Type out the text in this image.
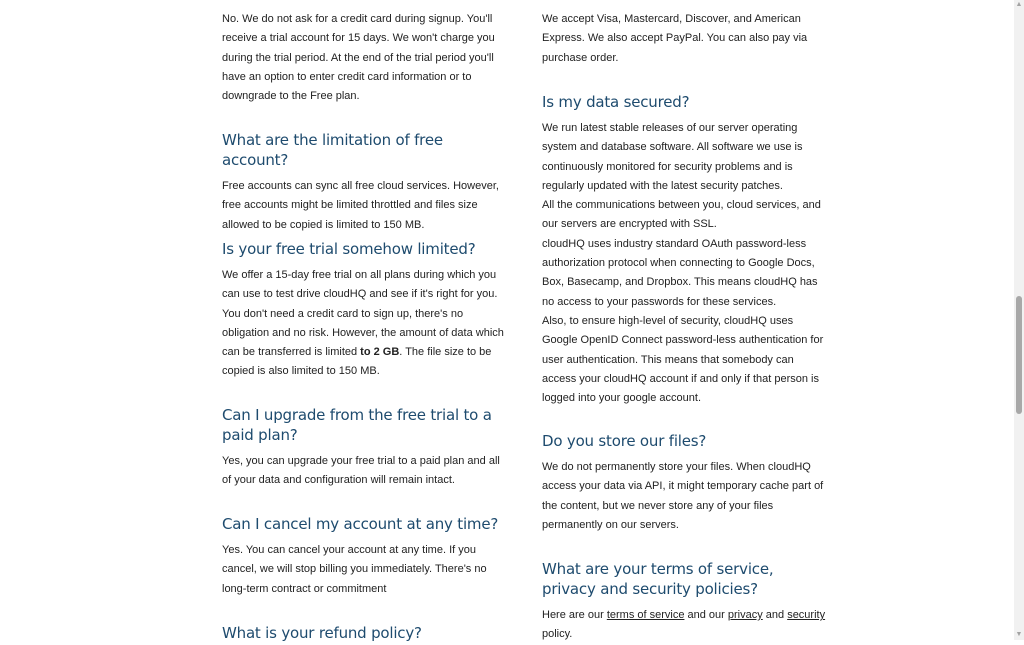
No. We do not ask for a credit card during signup. You'll receive a trial account for 15 days. We won't charge you during the trial period. At the end of the trial period you'll have an option to enter credit card information or to downgrade to the Free plan.

What are the limitation of free account?

Free accounts can sync all free cloud services. However, free accounts might be limited throttled and files size allowed to be copied is limited to 150 MB.

Is your free trial somehow limited?

We offer a 15-day free trial on all plans during which you can use to test drive cloudHQ and see if it's right for you. You don't need a credit card to sign up, there's no obligation and no risk. However, the amount of data which can be transferred is limited to 2 GB. The file size to be copied is also limited to 150 MB.

Can I upgrade from the free trial to a paid plan?

Yes, you can upgrade your free trial to a paid plan and all of your data and configuration will remain intact.

Can I cancel my account at any time?

Yes. You can cancel your account at any time. If you cancel, we will stop billing you immediately. There's no long-term contract or commitment

What is your refund policy?

We accept Visa, Mastercard, Discover, and American Express. We also accept PayPal. You can also pay via purchase order.

Is my data secured?

We run latest stable releases of our server operating system and database software. All software we use is continuously monitored for security problems and is regularly updated with the latest security patches.
All the communications between you, cloud services, and our servers are encrypted with SSL.
cloudHQ uses industry standard OAuth password-less authorization protocol when connecting to Google Docs, Box, Basecamp, and Dropbox. This means cloudHQ has no access to your passwords for these services.
Also, to ensure high-level of security, cloudHQ uses Google OpenID Connect password-less authentication for user authentication. This means that somebody can access your cloudHQ account if and only if that person is logged into your google account.

Do you store our files?

We do not permanently store your files. When cloudHQ access your data via API, it might temporary cache part of the content, but we never store any of your files permanently on our servers.

What are your terms of service, privacy and security policies?

Here are our terms of service and our privacy and security policy.

▲
▼
